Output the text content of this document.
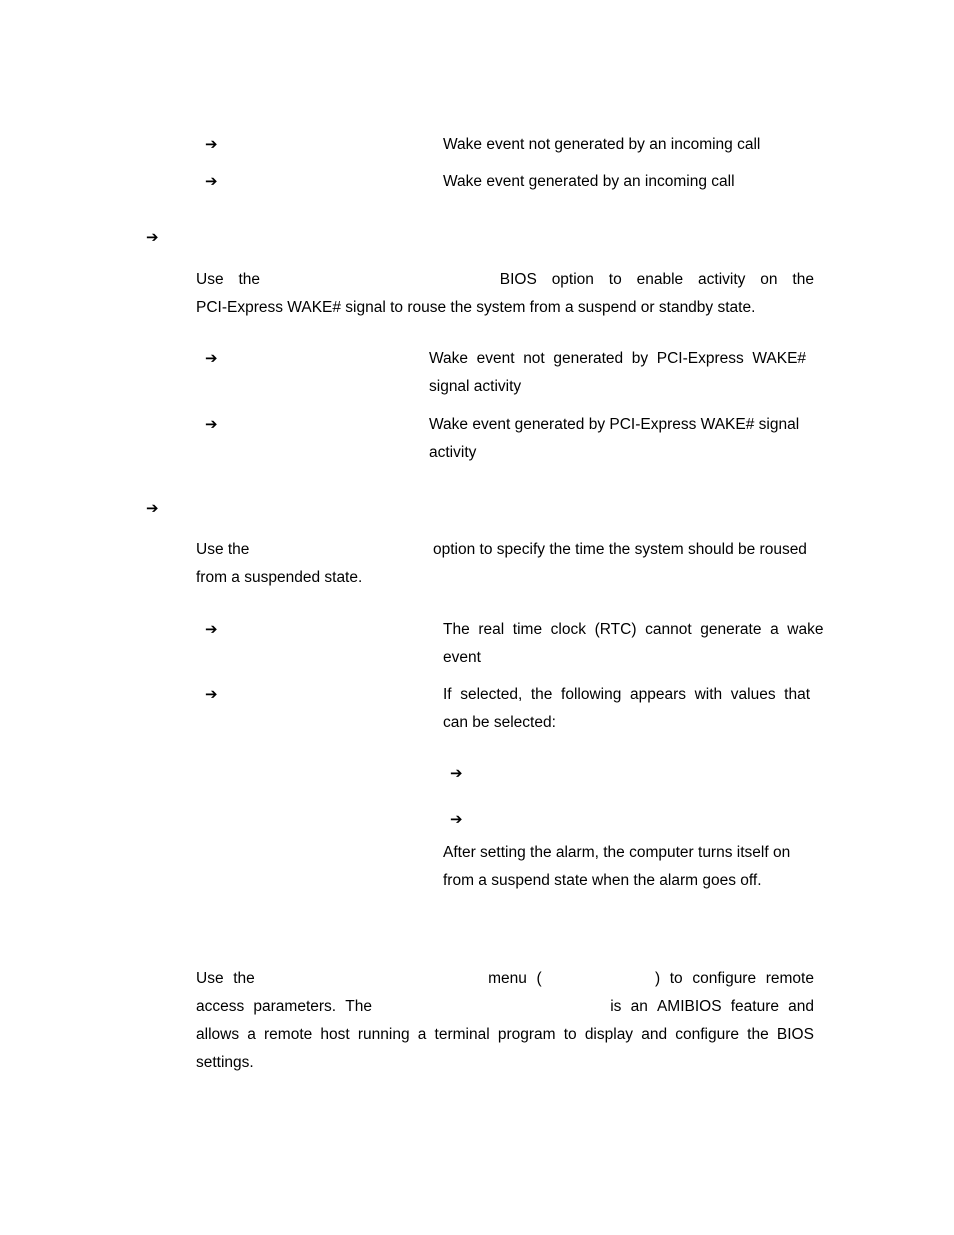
➔	Wake event not generated by an incoming call
➔	Wake event generated by an incoming call
➔
Use the	BIOS option to enable activity on the
PCI-Express WAKE# signal to rouse the system from a suspend or standby state.
➔	Wake  event  not  generated  by  PCI-Express  WAKE#
signal activity
➔	Wake event generated by PCI-Express WAKE# signal
activity
➔
Use the	option to specify the time the system should be roused
from a suspended state.
➔	The  real  time  clock  (RTC)  cannot  generate  a  wake
event
➔	If  selected,  the  following  appears  with  values  that
can be selected:
➔
➔
After setting the alarm, the computer turns itself on
from a suspend state when the alarm goes off.
Use the	menu (	) to configure remote
access parameters. The	is an AMIBIOS feature and
allows a remote host running a terminal program to display and configure the BIOS
settings.
